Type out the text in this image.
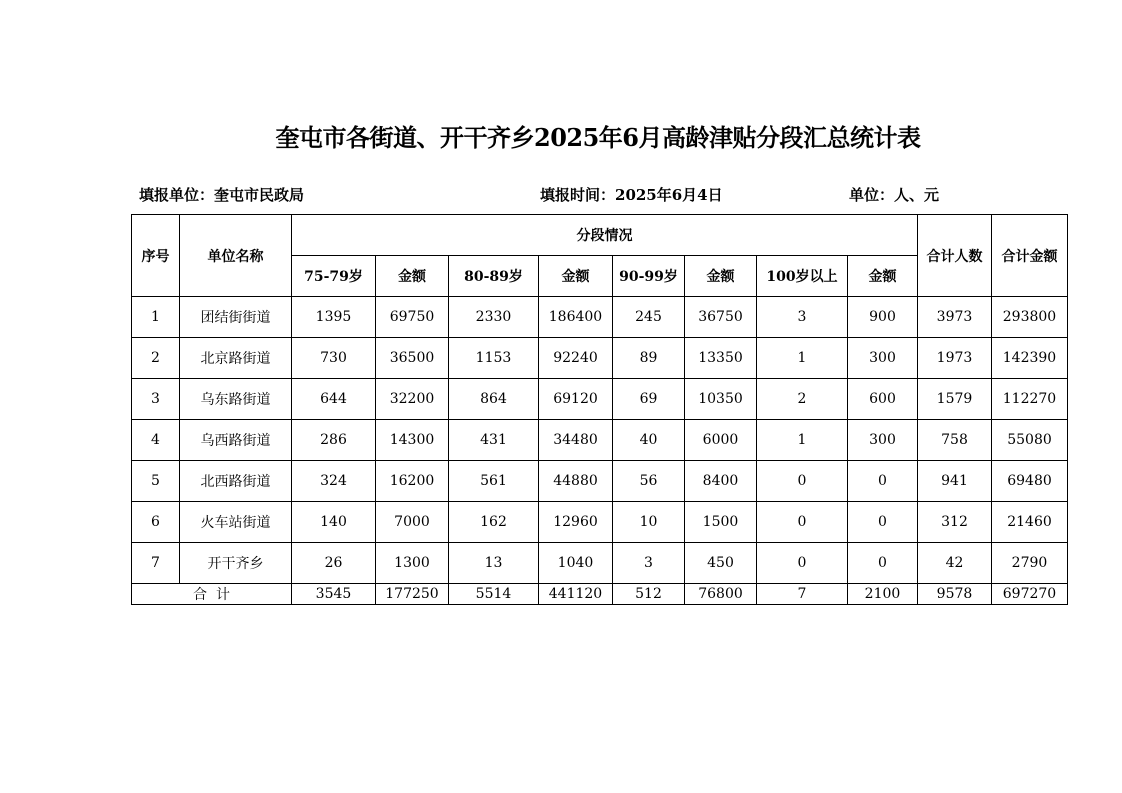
奎屯市各街道、开干齐乡2025年6月高龄津贴分段汇总统计表
填报单位：奎屯市民政局	填报时间：2025年6月4日	单位：人、元
序号	单位名称	分段情况								合计人数	合计金额
		75-79岁	金额	80-89岁	金额	90-99岁	金额	100岁以上	金额		
1	团结街街道	1395	69750	2330	186400	245	36750	3	900	3973	293800
2	北京路街道	730	36500	1153	92240	89	13350	1	300	1973	142390
3	乌东路街道	644	32200	864	69120	69	10350	2	600	1579	112270
4	乌西路街道	286	14300	431	34480	40	6000	1	300	758	55080
5	北西路街道	324	16200	561	44880	56	8400	0	0	941	69480
6	火车站街道	140	7000	162	12960	10	1500	0	0	312	21460
7	开干齐乡	26	1300	13	1040	3	450	0	0	42	2790
合  计		3545	177250	5514	441120	512	76800	7	2100	9578	697270
